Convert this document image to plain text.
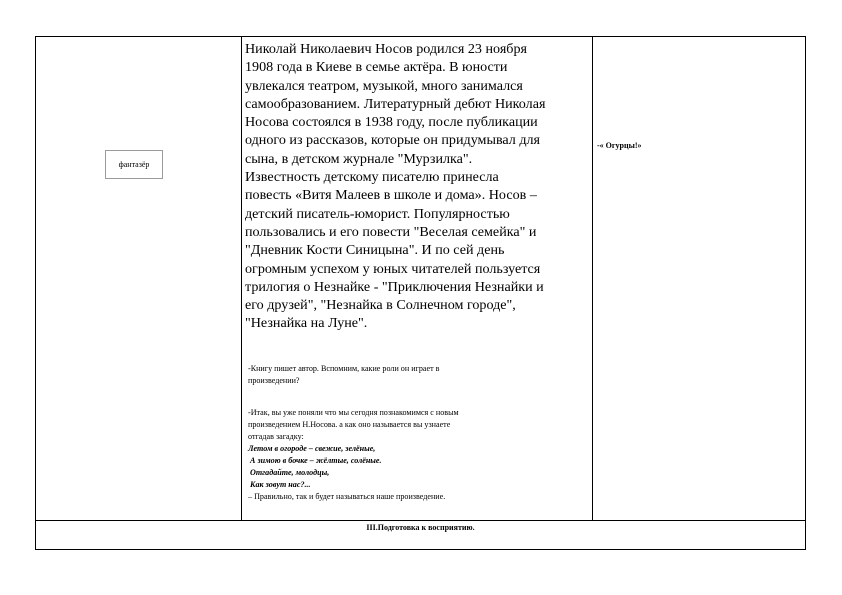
фантазёр

Николай Николаевич Носов родился 23 ноября

1908 года в Киеве в семье актёра. В юности

увлекался театром, музыкой, много занимался

самообразованием. Литературный дебют Николая

Носова состоялся в 1938 году, после публикации

одного из рассказов, которые он придумывал для

сына, в детском журнале "Мурзилка".

Известность детскому писателю принесла

повесть «Витя Малеев в школе и дома». Носов –

детский писатель-юморист. Популярностью

пользовались и его повести "Веселая семейка" и

"Дневник Кости Синицына". И по сей день

огромным успехом у юных читателей пользуется

трилогия о Незнайке - "Приключения Незнайки и

его друзей", "Незнайка в Солнечном городе",

"Незнайка на Луне".

-Книгу пишет автор. Вспомним, какие роли он играет в

произведении?

-Итак, вы уже поняли что мы сегодня познакомимся с новым

произведением Н.Носова. а как оно называется вы узнаете

отгадав загадку:

Летом в огороде – свежие, зелёные,

А зимою в бочке – жёлтые, солёные.

Отгадайте, молодцы,

Как зовут нас?...

– Правильно, так и будет называться наше произведение.

-« Огурцы!»
III.Подготовка к восприятию.
